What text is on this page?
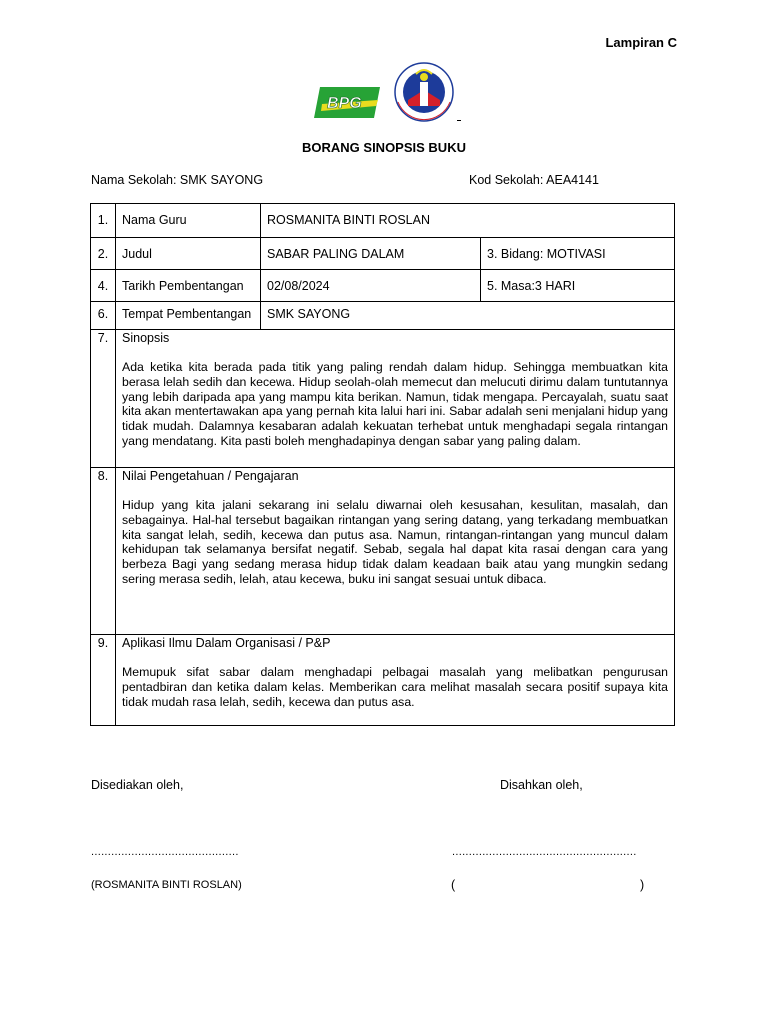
Lampiran C
BPG
BORANG SINOPSIS BUKU
Nama Sekolah: SMK SAYONG	Kod Sekolah: AEA4141
1.	Nama Guru	ROSMANITA BINTI ROSLAN	
2.	Judul	SABAR PALING DALAM	3. Bidang: MOTIVASI
4.	Tarikh Pembentangan	02/08/2024	5. Masa:3 HARI
6.	Tempat Pembentangan	SMK SAYONG	
7.	Sinopsis
Ada ketika kita berada pada titik yang paling rendah dalam hidup. Sehingga membuatkan kita berasa lelah sedih dan kecewa. Hidup seolah-olah memecut dan melucuti dirimu dalam tuntutannya yang lebih daripada apa yang mampu kita berikan. Namun, tidak mengapa. Percayalah, suatu saat kita akan mentertawakan apa yang pernah kita lalui hari ini. Sabar adalah seni menjalani hidup yang tidak mudah. Dalamnya kesabaran adalah kekuatan terhebat untuk menghadapi segala rintangan yang mendatang. Kita pasti boleh menghadapinya dengan sabar yang paling dalam.		

8.	Nilai Pengetahuan / Pengajaran
Hidup yang kita jalani sekarang ini selalu diwarnai oleh kesusahan, kesulitan, masalah, dan sebagainya. Hal-hal tersebut bagaikan rintangan yang sering datang, yang terkadang membuatkan kita sangat lelah, sedih, kecewa dan putus asa. Namun, rintangan-rintangan yang muncul dalam kehidupan tak selamanya bersifat negatif. Sebab, segala hal dapat kita rasai dengan cara yang berbeza Bagi yang sedang merasa hidup tidak dalam keadaan baik atau yang mungkin sedang sering merasa sedih, lelah, atau kecewa, buku ini sangat sesuai untuk dibaca.		

9.	Aplikasi Ilmu Dalam Organisasi / P&P
Memupuk sifat sabar dalam menghadapi pelbagai masalah yang melibatkan pengurusan pentadbiran dan ketika dalam kelas. Memberikan cara melihat masalah secara positif supaya kita tidak mudah rasa lelah, sedih, kecewa dan putus asa.		
Disediakan oleh,	Disahkan oleh,
............................................	.......................................................
(ROSMANITA BINTI ROSLAN)	(	)
